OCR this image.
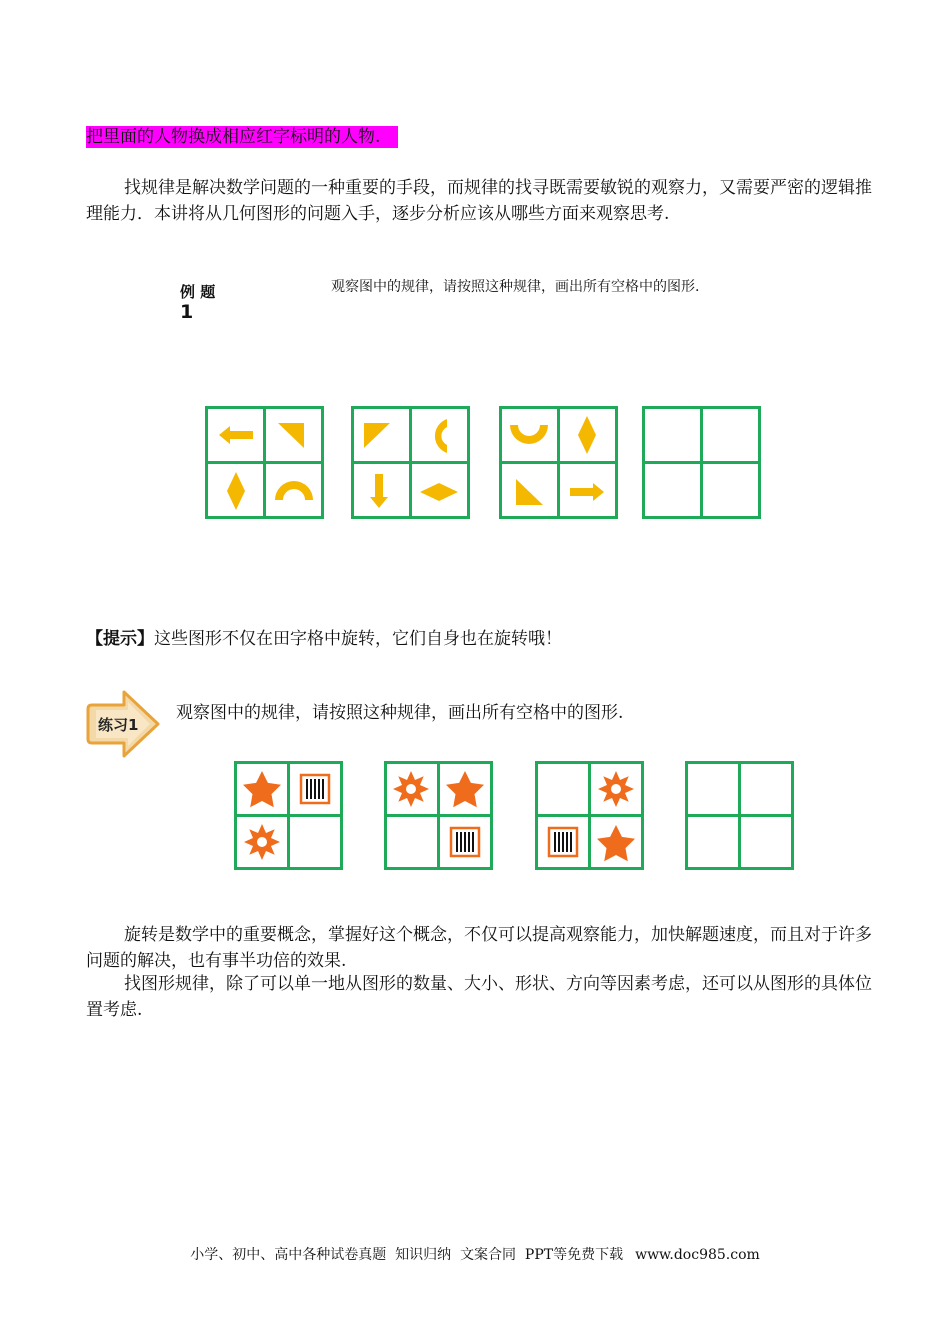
把里面的人物换成相应红字标明的人物.
找规律是解决数学问题的一种重要的手段，而规律的找寻既需要敏锐的观察力，又需要严密的逻辑推理能力．本讲将从几何图形的问题入手，逐步分析应该从哪些方面来观察思考.
例 题
1
观察图中的规律，请按照这种规律，画出所有空格中的图形.
练习1
【提示】这些图形不仅在田字格中旋转，它们自身也在旋转哦！
观察图中的规律，请按照这种规律，画出所有空格中的图形.
旋转是数学中的重要概念，掌握好这个概念，不仅可以提高观察能力，加快解题速度，而且对于许多问题的解决，也有事半功倍的效果.
找图形规律，除了可以单一地从图形的数量、大小、形状、方向等因素考虑，还可以从图形的具体位置考虑.
小学、初中、高中各种试卷真题  知识归纳  文案合同  PPT等免费下载 www.doc985.com
